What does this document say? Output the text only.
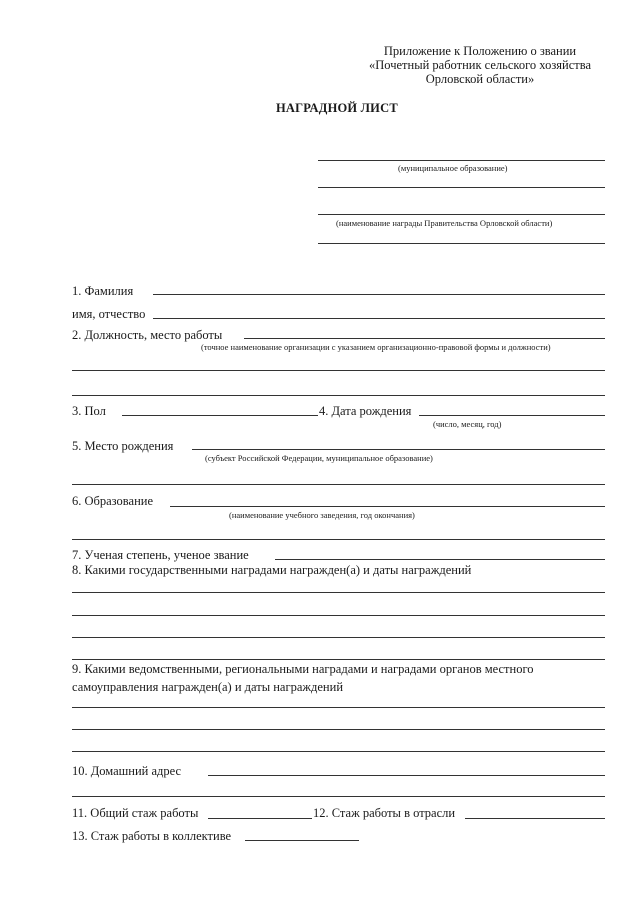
Приложение к Положению о звании
«Почетный работник сельского хозяйства
Орловской области»
НАГРАДНОЙ ЛИСТ
(муниципальное образование)
(наименование награды Правительства Орловской области)
1. Фамилия
имя, отчество
2. Должность, место работы
(точное наименование организации с указанием организационно-правовой формы и должности)
3. Пол	4. Дата рождения
(число, месяц, год)
5. Место рождения
(субъект Российской Федерации, муниципальное образование)
6. Образование
(наименование учебного заведения, год окончания)
7. Ученая степень, ученое звание
8. Какими государственными наградами награжден(а) и даты награждений
9. Какими ведомственными, региональными наградами и наградами органов местного
самоуправления награжден(а) и даты награждений
10. Домашний адрес
11. Общий стаж работы	12. Стаж работы в отрасли
13. Стаж работы в коллективе
